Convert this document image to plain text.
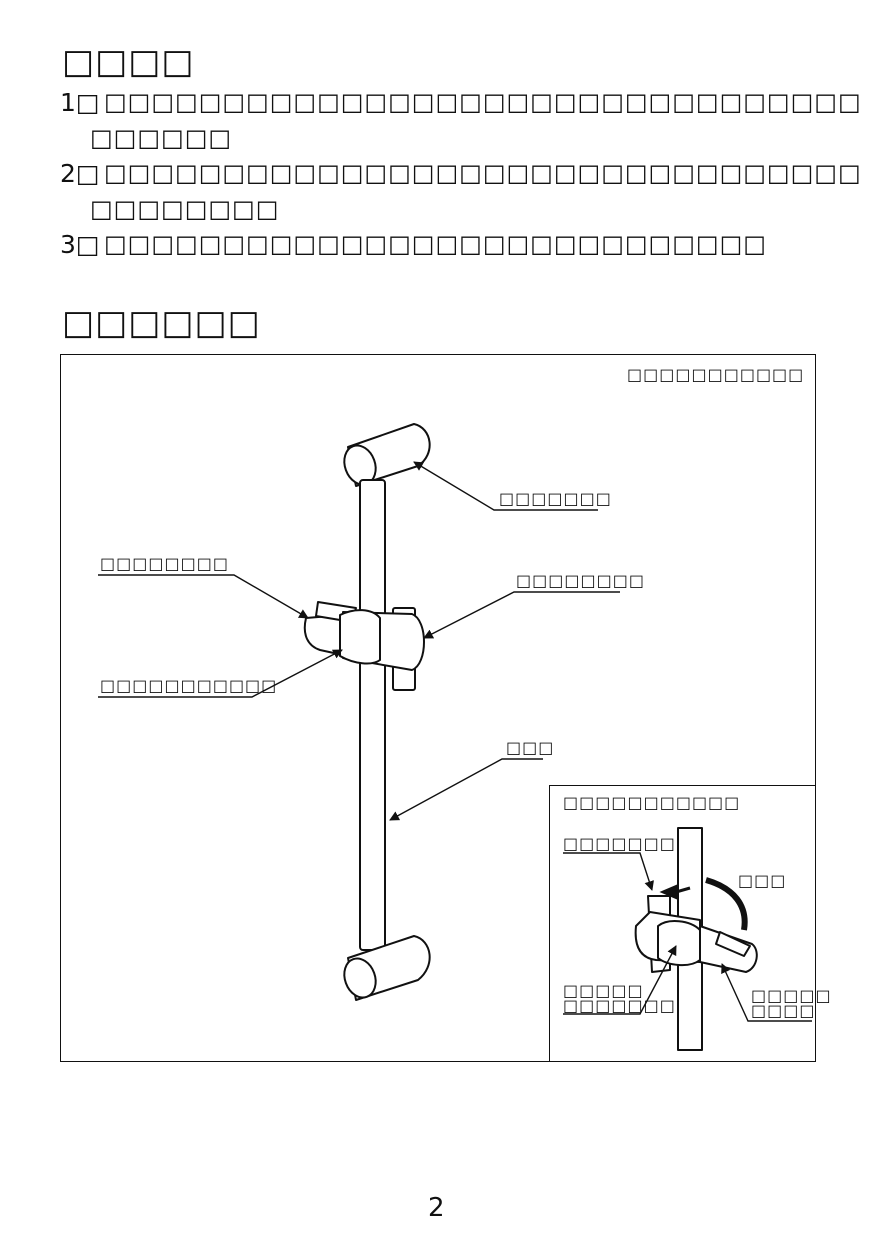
□□□□
1□ □□□□□□□□□□□□□□□□□□□□□□□□□□□□□□□□
□□□□□□
2□ □□□□□□□□□□□□□□□□□□□□□□□□□□□□□□□□
□□□□□□□□
3□ □□□□□□□□□□□□□□□□□□□□□□□□□□□□
□□□□□□
□□□□□□□□□□□
□□□□□□□
□□□□□□□□
□□□□□□□□
□□□□□□□□□□□
□□□
□□□□□□□□□□□
□□□□□□□
□□□
□□□□□
□□□□□□□
□□□□□
□□□□
2
